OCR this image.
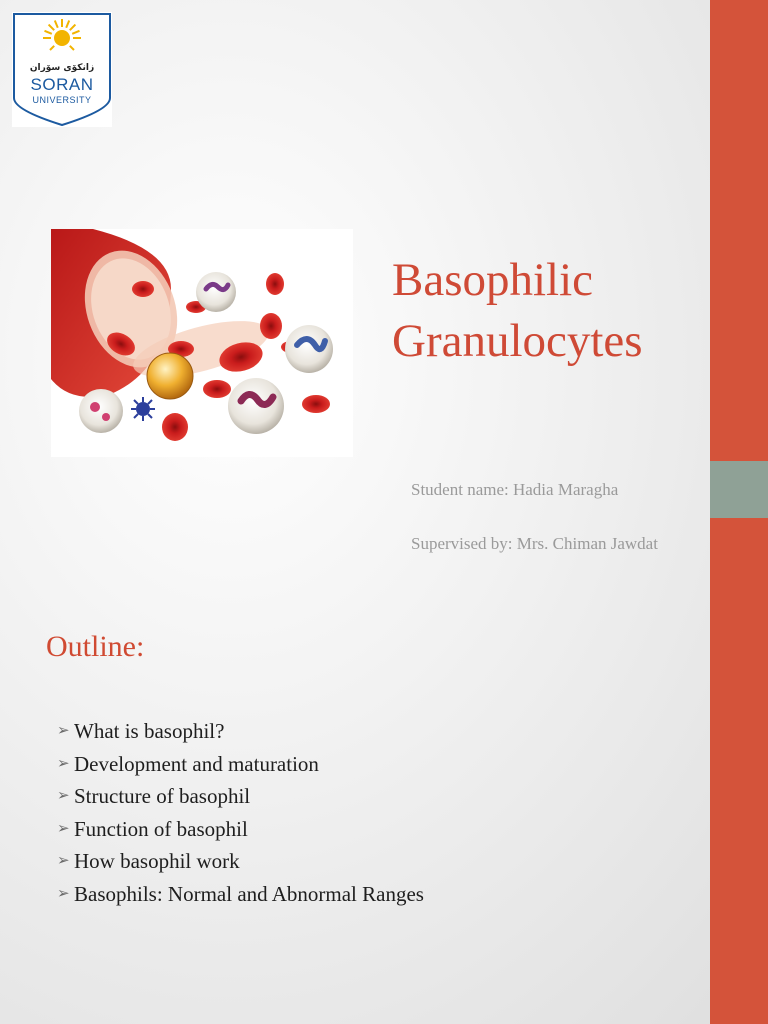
زانکۆی سۆران
SORAN
UNIVERSITY
Basophilic Granulocytes
Student name: Hadia Maragha
Supervised by: Mrs. Chiman Jawdat
Outline:
➢ What is basophil?
➢ Development and maturation
➢ Structure of basophil
➢ Function of basophil
➢ How basophil work
➢ Basophils: Normal and Abnormal Ranges
